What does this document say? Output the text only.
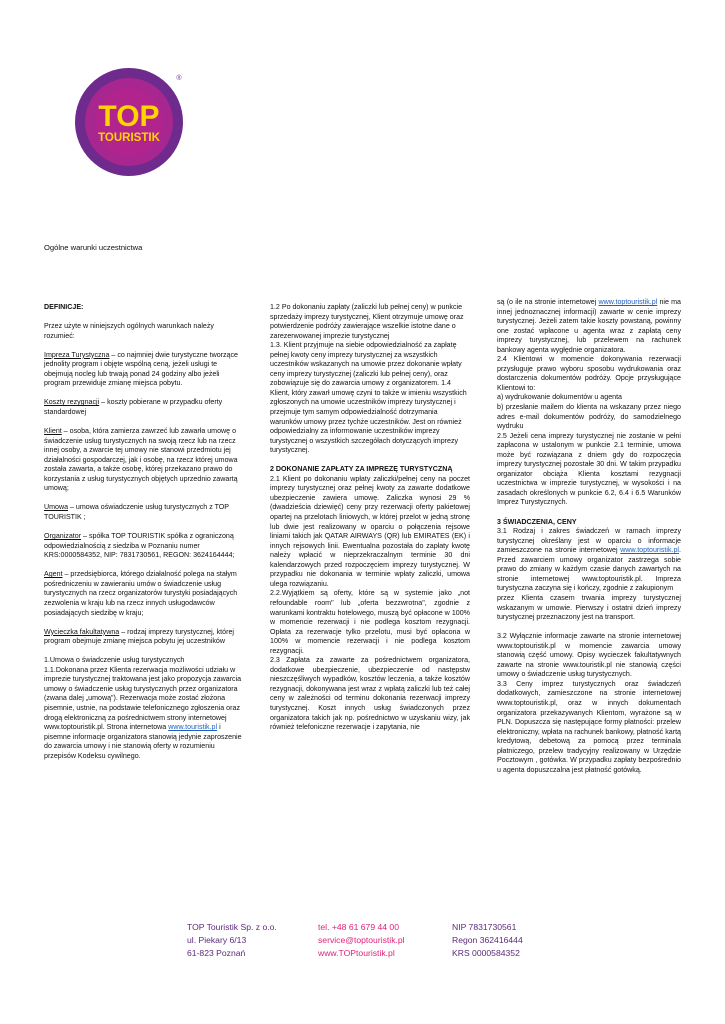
TOP
TOURISTIK
®
Ogólne warunki uczestnictwa

DEFINICJE:

Przez użyte w niniejszych ogólnych warunkach należy rozumieć:

Impreza Turystyczna – co najmniej dwie turystyczne tworzące jednolity program i objęte wspólną ceną, jeżeli usługi te obejmują nocleg lub trwają ponad 24 godziny albo jeżeli program przewiduje zmianę miejsca pobytu.

Koszty rezygnacji – koszty pobierane w przypadku oferty standardowej

Klient – osoba, która zamierza zawrzeć lub zawarła umowę o świadczenie usług turystycznych na swoją rzecz lub na rzecz innej osoby, a zwarcie tej umowy nie stanowi przedmiotu jej działalności gospodarczej, jak i osobę, na rzecz której umowa została zawarta, a także osobę, której przekazano prawo do korzystania z usług turystycznych objętych uprzednio zawartą umową;

Umowa – umowa oświadczenie usług turystycznych z TOP TOURISTIK ;

Organizator – spółka TOP TOURISTIK spółka z ograniczoną odpowiedzialnością z siedziba w Poznaniu numer KRS:0000584352, NIP: 7831730561, REGON: 3624164444;

Agent – przedsiębiorca, którego działalność polega na stałym pośredniczeniu w zawieraniu umów o świadczenie usług turystycznych na rzecz organizatorów turystyki posiadających zezwolenia w kraju lub na rzecz innych usługodawców posiadających siedzibę w kraju;

Wycieczka fakultatywna – rodzaj imprezy turystycznej, której program obejmuje zmianę miejsca pobytu jej uczestników

1.Umowa o świadczenie usług turystycznych

1.1.Dokonana przez Klienta rezerwacja możliwości udziału w imprezie turystycznej traktowana jest jako propozycja zawarcia umowy o świadczenie usług turystycznych przez organizatora (zwana dalej „umową"). Rezerwacja może zostać złożona pisemnie, ustnie, na podstawie telefonicznego zgłoszenia oraz drogą elektroniczną za pośrednictwem strony internetowej www.toptouristik.pl. Strona internetowa www.touristik.pl i pisemne informacje organizatora stanowią jedynie zaproszenie do zawarcia umowy i nie stanowią oferty w rozumieniu przepisów Kodeksu cywilnego.

1.2 Po dokonaniu zapłaty (zaliczki lub pełnej ceny) w punkcie sprzedaży imprezy turystycznej, Klient otrzymuje umowę oraz potwierdzenie podróży zawierające wszelkie istotne dane o zarezerwowanej imprezie turystycznej

1.3. Klient przyjmuje na siebie odpowiedzialność za zapłatę pełnej kwoty ceny imprezy turystycznej za wszystkich uczestników wskazanych na umowie przez dokonanie wpłaty ceny imprezy turystycznej (zaliczki lub pełnej ceny), oraz zobowiązuje się do zawarcia umowy z organizatorem. 1.4 Klient, który zawarł umowę czyni to także w imieniu wszystkich zgłoszonych na umowie uczestników imprezy turystycznej i przejmuje tym samym odpowiedzialność dotrzymania warunków umowy przez tychże uczestników. Jest on również odpowiedzialny za informowanie uczestników imprezy turystycznej o wszystkich szczegółach dotyczących imprezy turystycznej.

2 DOKONANIE ZAPŁATY ZA IMPREZĘ TURYSTYCZNĄ

2.1 Klient po dokonaniu wpłaty zaliczki/pełnej ceny na poczet imprezy turystycznej oraz pełnej kwoty za zawarte dodatkowe ubezpieczenie zawiera umowę. Zaliczka wynosi 29 % (dwadzieścia dziewięć) ceny przy rezerwacji oferty pakietowej opartej na przelotach liniowych, w której przelot w jedną stronę lub dwie jest realizowany w oparciu o połączenia rejsowe liniami takich jak QATAR AIRWAYS (QR) lub EMIRATES (EK) i innych rejsowych linii. Ewentualna pozostała do zapłaty kwotę należy wpłacić w nieprzekraczalnym terminie 30 dni kalendarzowych przed rozpoczęciem imprezy turystycznej. W przypadku nie dokonania w terminie wpłaty zaliczki, umowa ulega rozwiązaniu.

2.2.Wyjątkiem są oferty, które są w systemie jako „not refoundable room" lub „oferta bezzwrotna", zgodnie z warunkami kontraktu hotelowego, muszą być opłacone w 100% w momencie rezerwacji i nie podlega kosztom rezygnacji. Opłata za rezerwacje tylko przelotu, musi być opłacona w 100% w momencie rezerwacji i nie podlega kosztom rezygnacji.

2.3 Zapłata za zawarte za pośrednictwem organizatora, dodatkowe ubezpieczenie, ubezpieczenie od następstw nieszczęśliwych wypadków, kosztów leczenia, a także kosztów rezygnacji, dokonywana jest wraz z wpłatą zaliczki lub też całej ceny w zależności od terminu dokonania rezerwacji imprezy turystycznej. Koszt innych usług świadczonych przez organizatora takich jak np. pośrednictwo w uzyskaniu wizy, jak również telefoniczne rezerwacje i zapytania, nie

są (o ile na stronie internetowej www.toptouristik.pl nie ma innej jednoznacznej informacji) zawarte w cenie imprezy turystycznej. Jeżeli zatem takie koszty powstaną, powinny one zostać wpłacone u agenta wraz z zapłatą ceny imprezy turystycznej, lub przelewem na rachunek bankowy agenta wygłędnie organizatora.

2.4 Klientowi w momencie dokonywania rezerwacji przysługuje prawo wyboru sposobu wydrukowania oraz dostarczenia dokumentów podróży. Opcje przysługujące Klientowi to:

a) wydrukowanie dokumentów u agenta

b) przesłanie mailem do klienta na wskazany przez niego adres e-mail dokumentów podróży, do samodzielnego wydruku

2.5 Jeżeli cena imprezy turystycznej nie zostanie w pełni zapłacona w ustalonym w punkcie 2.1 terminie, umowa może być rozwiązana z dniem gdy do rozpoczęcia imprezy turystycznej pozostałe 30 dni. W takim przypadku organizator obciąża Klienta kosztami rezygnacji uczestnictwa w imprezie turystycznej, w wysokości i na zasadach określonych w punkcie 6.2, 6.4 i 6.5 Warunków Imprez Turystycznych.

3 ŚWIADCZENIA, CENY

3.1 Rodzaj i zakres świadczeń w ramach imprezy turystycznej określany jest w oparciu o informacje zamieszczone na stronie internetowej www.toptouristik.pl. Przed zawarciem umowy organizator zastrzega sobie prawo do zmiany w każdym czasie danych zawartych na stronie internetowej www.toptouristik.pl. Impreza turystyczna zaczyna się i kończy, zgodnie z zakupionym

przez Klienta czasem trwania imprezy turystycznej wskazanym w umowie. Pierwszy i ostatni dzień imprezy turystycznej przeznaczony jest na transport.

3.2 Wyłącznie informacje zawarte na stronie internetowej www.toptouristik.pl w momencie zawarcia umowy stanowią część umowy. Opisy wycieczek fakultatywnych zawarte na stronie www.touristik.pl nie stanowią części umowy o świadczenie usług turystycznych.

3.3 Ceny imprez turystycznych oraz świadczeń dodatkowych, zamieszczone na stronie internetowej www.toptouristik.pl, oraz w innych dokumentach organizatora przekazywanych Klientom, wyrażone są w PLN. Dopuszcza się następujące formy płatności: przelew elektroniczny, wpłata na rachunek bankowy, płatność kartą kredytową, debetową za pomocą przez terminala płatniczego, przelew tradycyjny realizowany w Urzędzie Pocztowym , gotówka. W przypadku zapłaty bezpośrednio u agenta dopuszczalna jest płatność gotówką.

TOP Touristik Sp. z o.o.
ul. Piekary 6/13
61-823 Poznań
tel. +48 61 679 44 00
service@toptouristik.pl
www.TOPtouristik.pl
NIP 7831730561
Regon 362416444
KRS 0000584352
